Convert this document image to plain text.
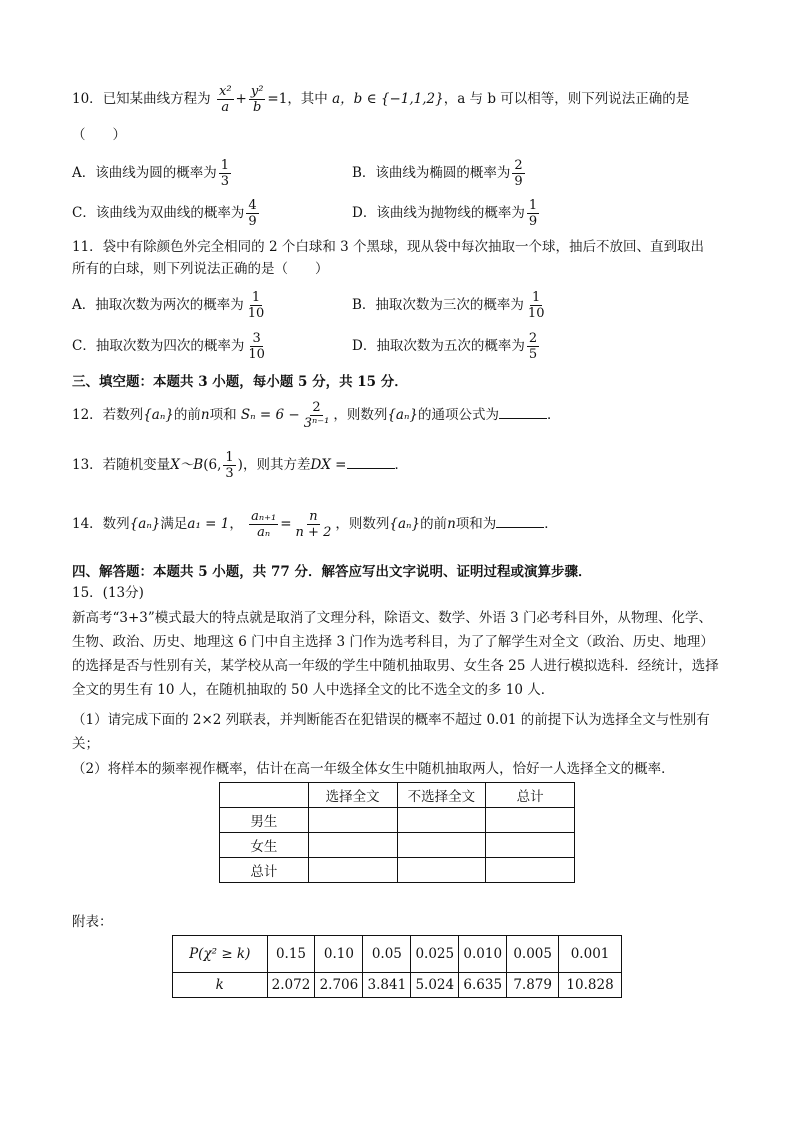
10．已知某曲线方程为 $\frac{\text{x²}}{a} + \frac{\text{y²}}{b} =1$，其中 a，b ∈ {−1,1,2}，a 与 b 可以相等，则下列说法正确的是
（　　）
A．该曲线为圆的概率为 $\frac{1}{3}$	B．该曲线为椭圆的概率为 $\frac{2}{9}$
C．该曲线为双曲线的概率为 $\frac{4}{9}$	D．该曲线为抛物线的概率为 $\frac{1}{9}$
11．袋中有除颜色外完全相同的 2 个白球和 3 个黑球，现从袋中每次抽取一个球，抽后不放回、直到取出
所有的白球，则下列说法正确的是（　　）
A．抽取次数为两次的概率为 $\frac{1}{10}$	B．抽取次数为三次的概率为 $\frac{1}{10}$
C．抽取次数为四次的概率为 $\frac{3}{10}$	D．抽取次数为五次的概率为 $\frac{2}{5}$
三、填空题：本题共 3 小题，每小题 5 分，共 15 分．
12．若数列{aₙ}的前n项和 $S_n = 6 - \frac{2}{\text{3ⁿ⁻¹}}$ ，则数列{aₙ}的通项公式为	．
13．若随机变量X～B(6, $\frac{1}{3}$ )，则其方差DX =	．
14．数列{aₙ}满足a₁ = 1， $\frac{\text{aₙ₊₁}}{\text{aₙ}} = \frac{n}{n + 2}$ ，则数列{aₙ}的前n项和为	．
四、解答题：本题共 5 小题，共 77 分．解答应写出文字说明、证明过程或演算步骤．
15．(13分)
新高考“3+3”模式最大的特点就是取消了文理分科，除语文、数学、外语 3 门必考科目外，从物理、化学、生物、政治、历史、地理这 6 门中自主选择 3 门作为选考科目，为了了解学生对全文（政治、历史、地理）的选择是否与性别有关，某学校从高一年级的学生中随机抽取男、女生各 25 人进行模拟选科．经统计，选择全文的男生有 10 人，在随机抽取的 50 人中选择全文的比不选全文的多 10 人．
（1）请完成下面的 2×2 列联表，并判断能否在犯错误的概率不超过 0.01 的前提下认为选择全文与性别有关；
（2）将样本的频率视作概率，估计在高一年级全体女生中随机抽取两人，恰好一人选择全文的概率．
	选择全文	不选择全文	总计
男生			
女生			
总计			
附表：
P(χ² ≥ k)	0.15	0.10	0.05	0.025	0.010	0.005	0.001
k	2.072	2.706	3.841	5.024	6.635	7.879	10.828
